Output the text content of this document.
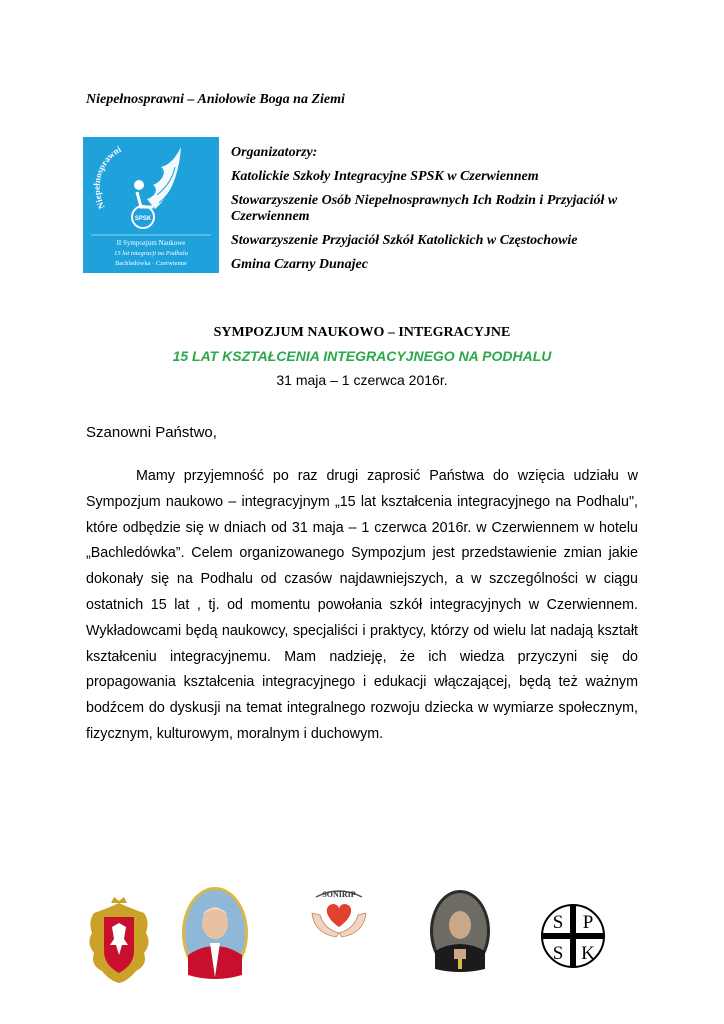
Niepełnosprawni – Aniołowie Boga na Ziemi
Niepełnosprawni
SPSK
II Sympozjum Naukowe
15 lat integracji na Podhalu
Bachledówka · Czerwienne
Organizatorzy:
Katolickie Szkoły Integracyjne SPSK w Czerwiennem
Stowarzyszenie Osób Niepełnosprawnych Ich Rodzin i Przyjaciół w Czerwiennem
Stowarzyszenie Przyjaciół Szkół Katolickich w Częstochowie
Gmina Czarny Dunajec
SYMPOZJUM NAUKOWO – INTEGRACYJNE
15 LAT KSZTAŁCENIA INTEGRACYJNEGO NA PODHALU
31 maja – 1 czerwca 2016r.
Szanowni Państwo,
Mamy przyjemność po raz drugi zaprosić Państwa do wzięcia udziału w Sympozjum naukowo – integracyjnym „15 lat kształcenia integracyjnego na Podhalu", które odbędzie się w dniach od 31 maja – 1 czerwca 2016r. w Czerwiennem w hotelu „Bachledówka”. Celem organizowanego Sympozjum jest przedstawienie zmian jakie dokonały się na Podhalu od czasów najdawniejszych, a w szczególności w ciągu ostatnich 15 lat , tj. od momentu powołania szkół integracyjnych w Czerwiennem. Wykładowcami będą naukowcy, specjaliści i praktycy, którzy od wielu lat nadają kształt kształceniu integracyjnemu. Mam nadzieję, że ich wiedza przyczyni się do propagowania kształcenia integracyjnego i edukacji włączającej, będą też ważnym bodźcem do dyskusji na temat integralnego rozwoju dziecka w wymiarze społecznym, fizycznym, kulturowym, moralnym i duchowym.
SONIRIP
S P
S K
